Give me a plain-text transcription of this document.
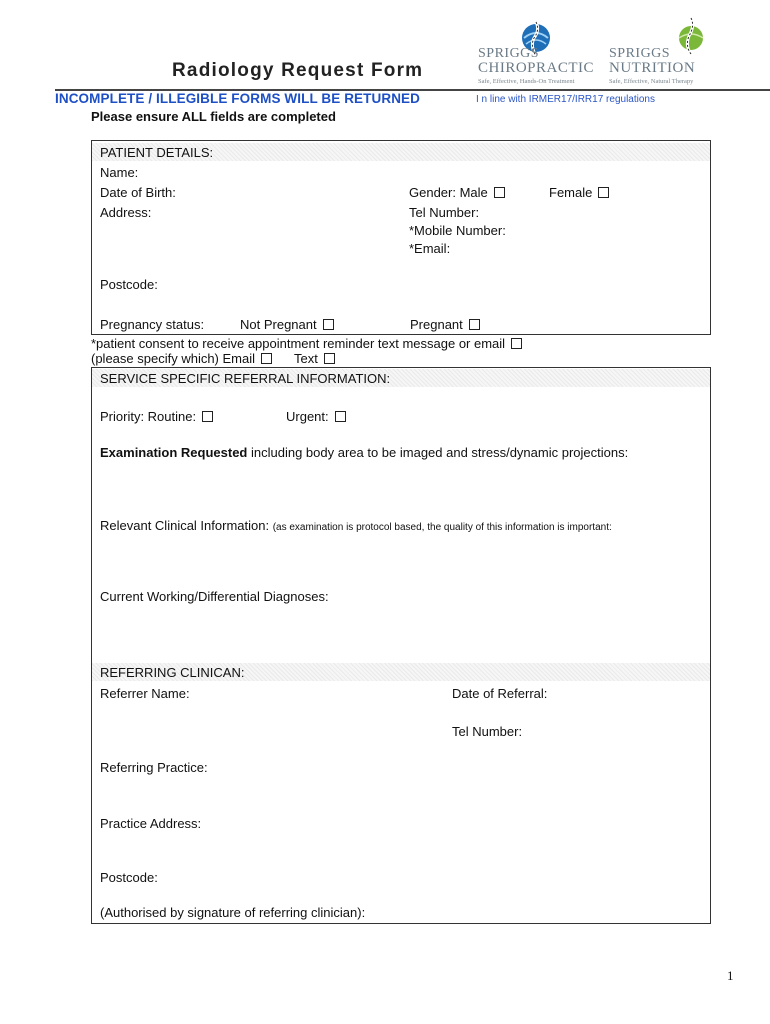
SPRIGGS
CHIROPRACTIC
Safe, Effective, Hands-On Treatment
SPRIGGS
NUTRITION
Safe, Effective, Natural Therapy
Radiology Request Form
INCOMPLETE / ILLEGIBLE FORMS WILL BE RETURNED	I n line with IRMER17/IRR17 regulations
Please ensure ALL fields are completed
PATIENT DETAILS:
Name:
Date of Birth:	Gender: Male	Female
Address:	Tel Number:
*Mobile Number:
*Email:
Postcode:
Pregnancy status:	Not Pregnant	Pregnant
*patient consent to receive appointment reminder text message or email
(please specify which) Email	Text
SERVICE SPECIFIC REFERRAL INFORMATION:
Priority: Routine:	Urgent:
Examination Requested including body area to be imaged and stress/dynamic projections:
Relevant Clinical Information: (as examination is protocol based, the quality of this information is important:
Current Working/Differential Diagnoses:
REFERRING CLINICAN:
Referrer Name:	Date of Referral:
Tel Number:
Referring Practice:
Practice Address:
Postcode:
(Authorised by signature of referring clinician):
1
